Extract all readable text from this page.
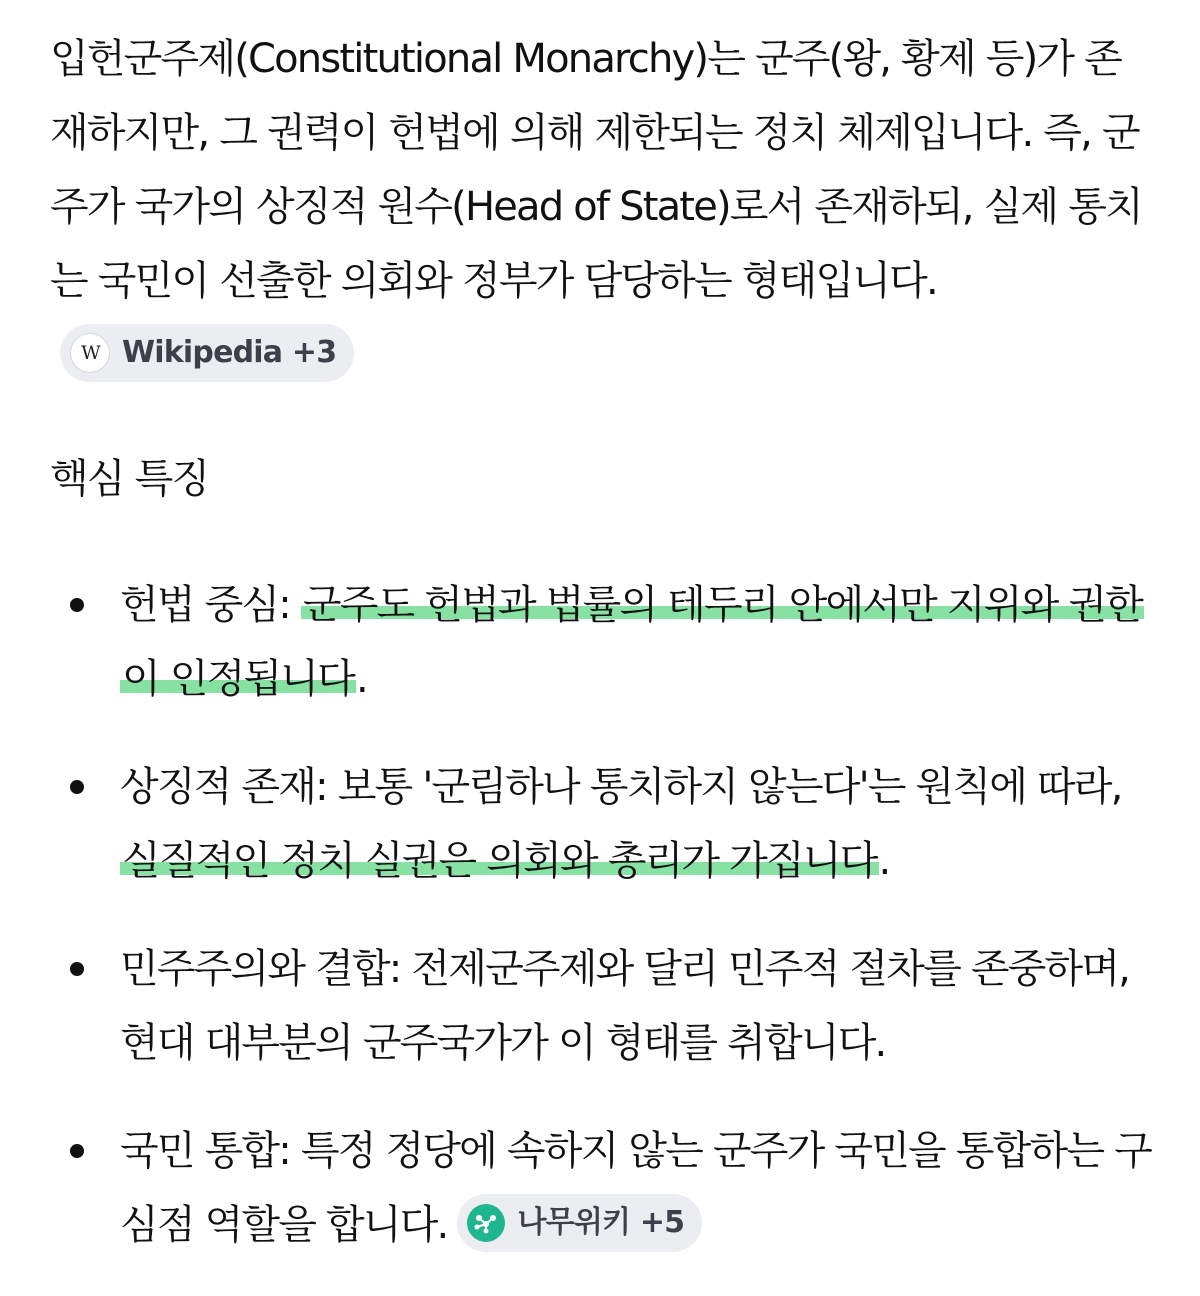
입헌군주제(Constitutional Monarchy)는 군주(왕, 황제 등)가 존재하지만, 그 권력이 헌법에 의해 제한되는 정치 체제입니다. 즉, 군주가 국가의 상징적 원수(Head of State)로서 존재하되, 실제 통치는 국민이 선출한 의회와 정부가 담당하는 형태입니다.
W Wikipedia +3

핵심 특징
헌법 중심: 군주도 헌법과 법률의 테두리 안에서만 지위와 권한이 인정됩니다.
상징적 존재: 보통 '군림하나 통치하지 않는다'는 원칙에 따라, 실질적인 정치 실권은 의회와 총리가 가집니다.
민주주의와 결합: 전제군주제와 달리 민주적 절차를 존중하며, 현대 대부분의 군주국가가 이 형태를 취합니다.
국민 통합: 특정 정당에 속하지 않는 군주가 국민을 통합하는 구심점 역할을 합니다. 나무위키 +5
